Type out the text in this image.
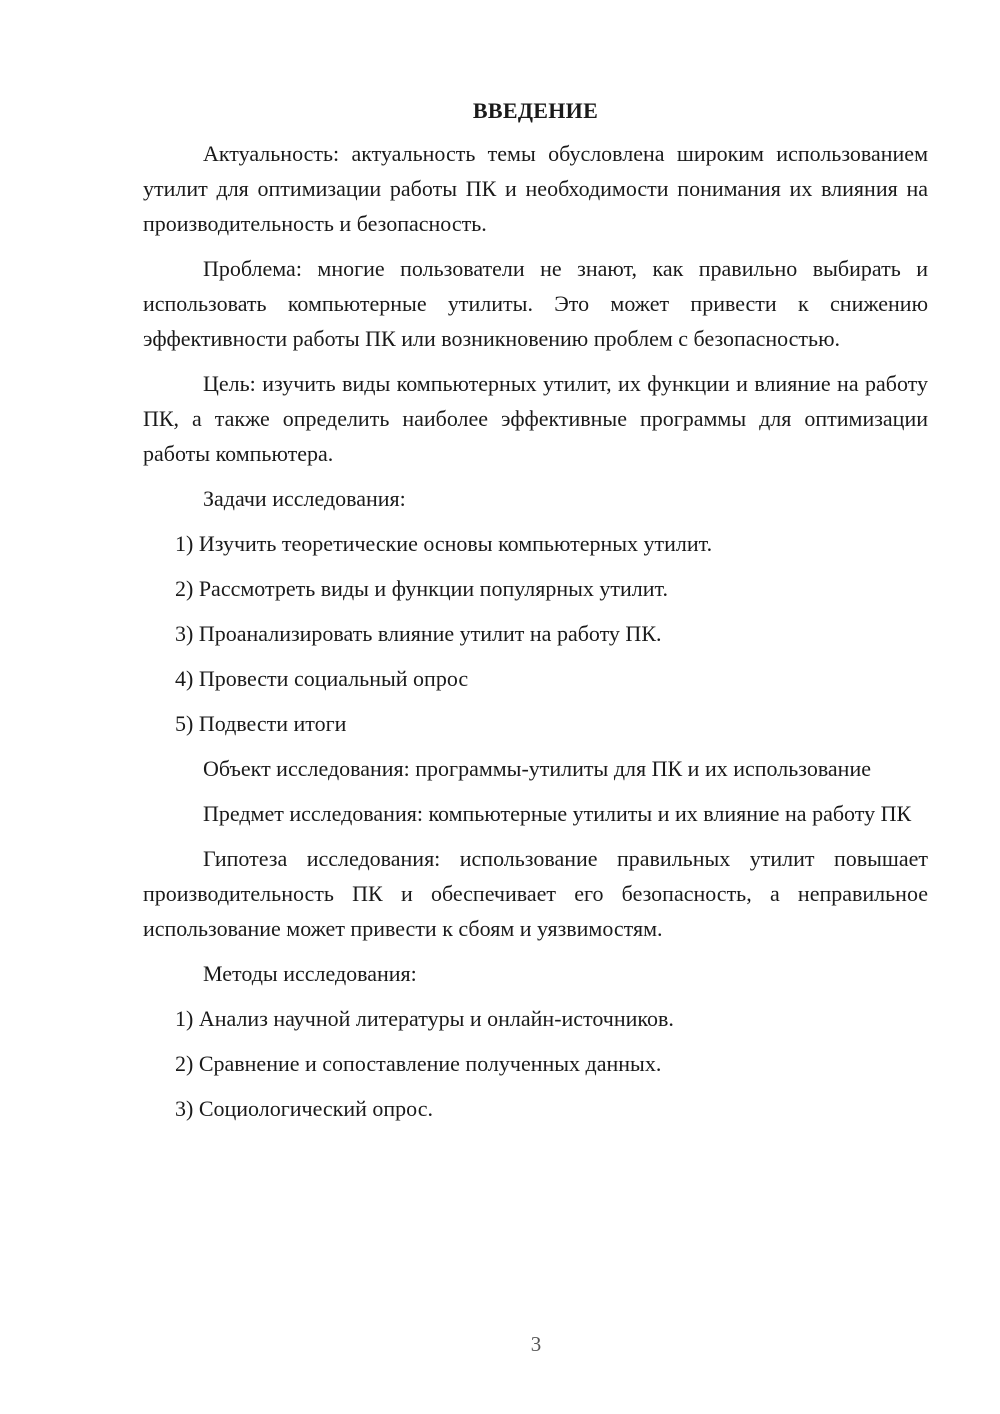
ВВЕДЕНИЕ

Актуальность: актуальность темы обусловлена широким использованием утилит для оптимизации работы ПК и необходимости понимания их влияния на производительность и безопасность.

Проблема: многие пользователи не знают, как правильно выбирать и использовать компьютерные утилиты. Это может привести к снижению эффективности работы ПК или возникновению проблем с безопасностью.

Цель: изучить виды компьютерных утилит, их функции и влияние на работу ПК, а также определить наиболее эффективные программы для оптимизации работы компьютера.

Задачи исследования:

1) Изучить теоретические основы компьютерных утилит.

2) Рассмотреть виды и функции популярных утилит.

3) Проанализировать влияние утилит на работу ПК.

4) Провести социальный опрос

5) Подвести итоги

Объект исследования: программы-утилиты для ПК и их использование

Предмет исследования: компьютерные утилиты и их влияние на работу ПК

Гипотеза исследования: использование правильных утилит повышает производительность ПК и обеспечивает его безопасность, а неправильное использование может привести к сбоям и уязвимостям.

Методы исследования:

1) Анализ научной литературы и онлайн-источников.

2) Сравнение и сопоставление полученных данных.

3) Социологический опрос.

3
